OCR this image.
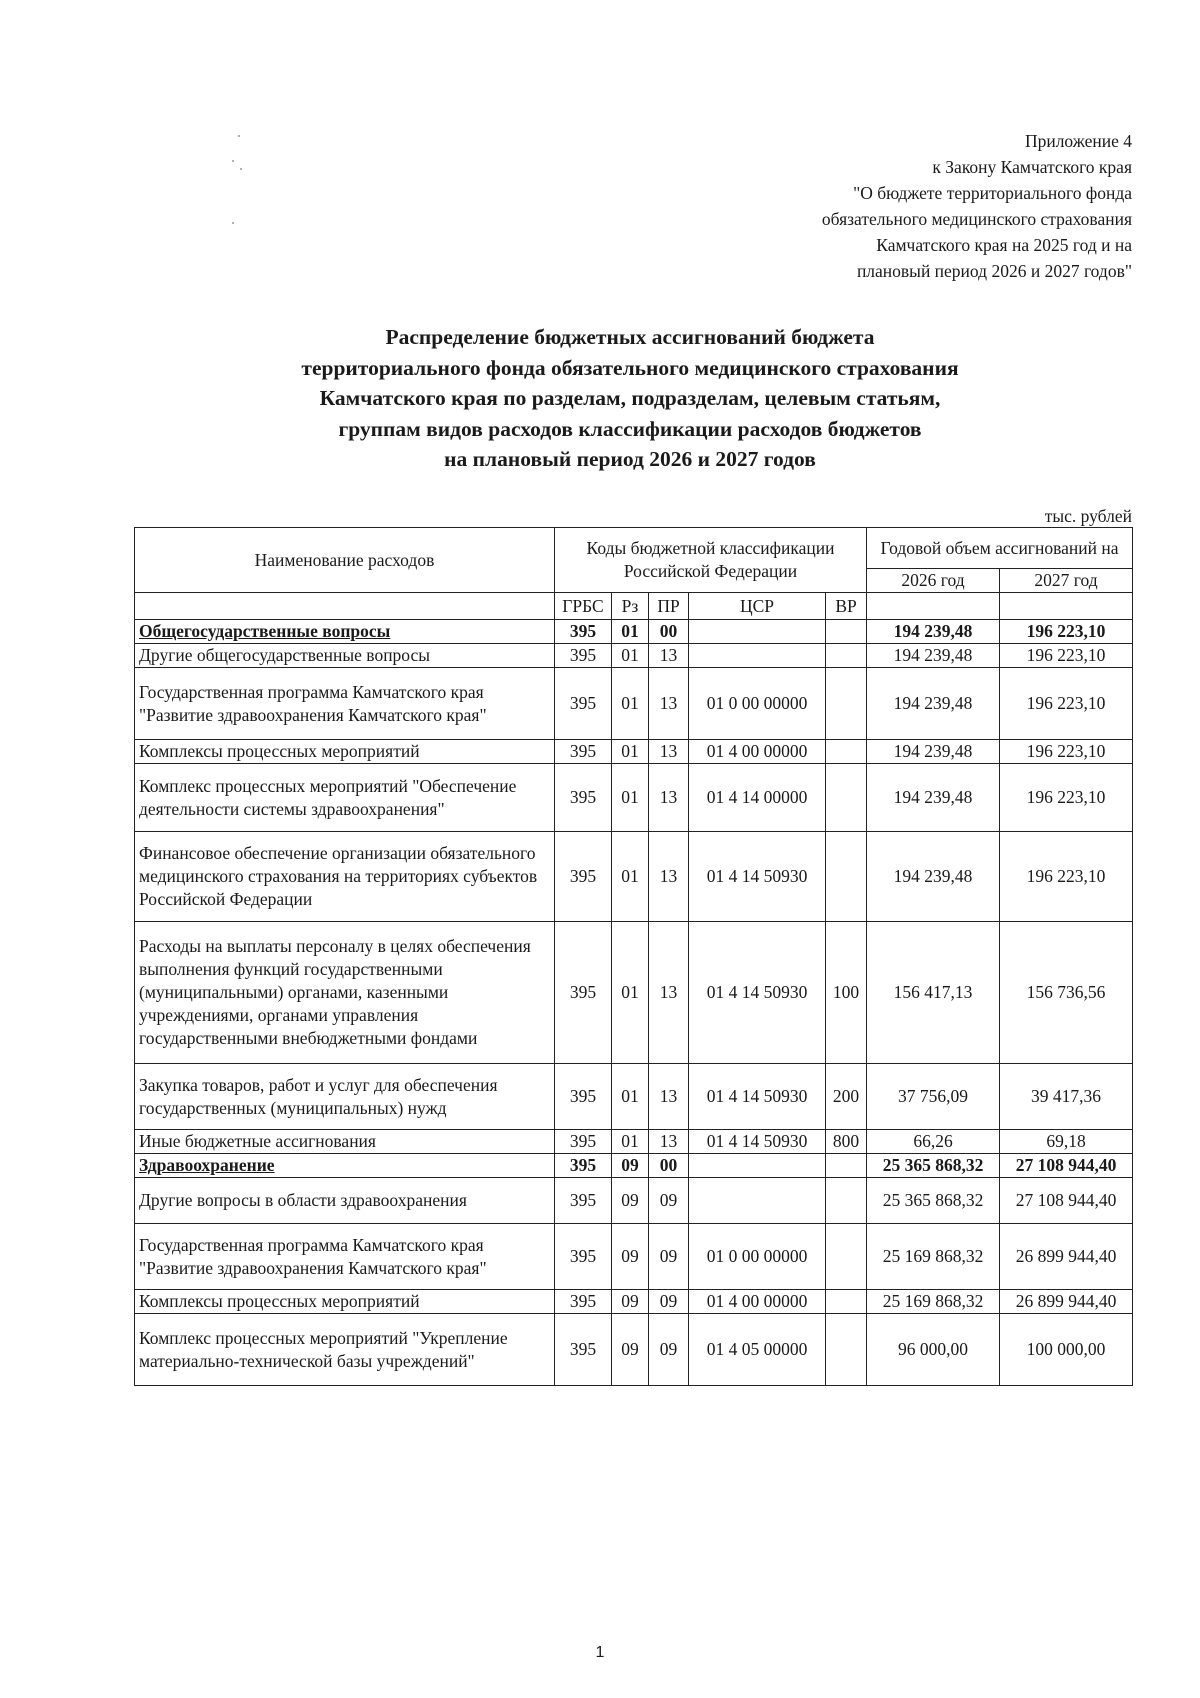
Приложение 4
к Закону Камчатского края
"О бюджете территориального фонда
обязательного медицинского страхования
Камчатского края на 2025 год и на
плановый период 2026 и 2027 годов"
Распределение бюджетных ассигнований бюджета
территориального фонда обязательного медицинского страхования
Камчатского края по разделам, подразделам, целевым статьям,
группам видов расходов классификации расходов бюджетов
на плановый период 2026 и 2027 годов
тыс. рублей
Наименование расходов	Коды бюджетной классификации Российской Федерации					Годовой объем ассигнований на	
						2026 год	2027 год
	ГРБС	Рз	ПР	ЦСР	ВР		
Общегосударственные вопросы	395	01	00			194 239,48	196 223,10
Другие общегосударственные вопросы	395	01	13			194 239,48	196 223,10
Государственная программа Камчатского края "Развитие здравоохранения Камчатского края"	395	01	13	01 0 00 00000		194 239,48	196 223,10
Комплексы процессных мероприятий	395	01	13	01 4 00 00000		194 239,48	196 223,10
Комплекс процессных мероприятий "Обеспечение деятельности системы здравоохранения"	395	01	13	01 4 14 00000		194 239,48	196 223,10
Финансовое обеспечение организации обязательного медицинского страхования на территориях субъектов Российской Федерации	395	01	13	01 4 14 50930		194 239,48	196 223,10
Расходы на выплаты персоналу в целях обеспечения выполнения функций государственными (муниципальными) органами, казенными учреждениями, органами управления государственными внебюджетными фондами	395	01	13	01 4 14 50930	100	156 417,13	156 736,56
Закупка товаров, работ и услуг для обеспечения государственных (муниципальных) нужд	395	01	13	01 4 14 50930	200	37 756,09	39 417,36
Иные бюджетные ассигнования	395	01	13	01 4 14 50930	800	66,26	69,18
Здравоохранение	395	09	00			25 365 868,32	27 108 944,40
Другие вопросы в области здравоохранения	395	09	09			25 365 868,32	27 108 944,40
Государственная программа Камчатского края "Развитие здравоохранения Камчатского края"	395	09	09	01 0 00 00000		25 169 868,32	26 899 944,40
Комплексы процессных мероприятий	395	09	09	01 4 00 00000		25 169 868,32	26 899 944,40
Комплекс процессных мероприятий "Укрепление материально-технической базы учреждений"	395	09	09	01 4 05 00000		96 000,00	100 000,00
1
